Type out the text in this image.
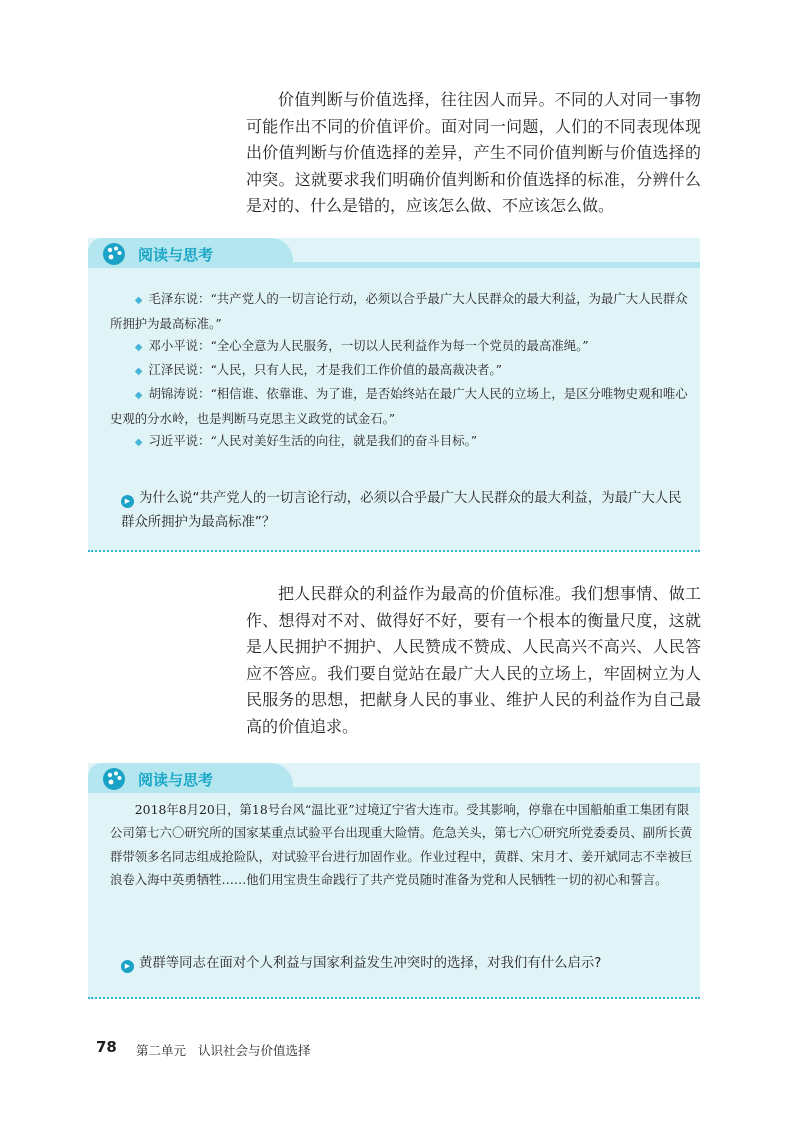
价值判断与价值选择，往往因人而异。不同的人对同一事物可能作出不同的价值评价。面对同一问题，人们的不同表现体现出价值判断与价值选择的差异，产生不同价值判断与价值选择的冲突。这就要求我们明确价值判断和价值选择的标准，分辨什么是对的、什么是错的，应该怎么做、不应该怎么做。

阅读与思考

◆ 毛泽东说：“共产党人的一切言论行动，必须以合乎最广大人民群众的最大利益，为最广大人民群众所拥护为最高标准。”

◆ 邓小平说：“全心全意为人民服务，一切以人民利益作为每一个党员的最高准绳。”

◆ 江泽民说：“人民，只有人民，才是我们工作价值的最高裁决者。”

◆ 胡锦涛说：“相信谁、依靠谁、为了谁，是否始终站在最广大人民的立场上，是区分唯物史观和唯心史观的分水岭，也是判断马克思主义政党的试金石。”

◆ 习近平说：“人民对美好生活的向往，就是我们的奋斗目标。”

▶ 为什么说“共产党人的一切言论行动，必须以合乎最广大人民群众的最大利益，为最广大人民群众所拥护为最高标准”？

把人民群众的利益作为最高的价值标准。我们想事情、做工作、想得对不对、做得好不好，要有一个根本的衡量尺度，这就是人民拥护不拥护、人民赞成不赞成、人民高兴不高兴、人民答应不答应。我们要自觉站在最广大人民的立场上，牢固树立为人民服务的思想，把献身人民的事业、维护人民的利益作为自己最高的价值追求。

阅读与思考

2018年8月20日，第18号台风“温比亚”过境辽宁省大连市。受其影响，停靠在中国船舶重工集团有限公司第七六〇研究所的国家某重点试验平台出现重大险情。危急关头，第七六〇研究所党委委员、副所长黄群带领多名同志组成抢险队，对试验平台进行加固作业。作业过程中，黄群、宋月才、姜开斌同志不幸被巨浪卷入海中英勇牺牲……他们用宝贵生命践行了共产党员随时准备为党和人民牺牲一切的初心和誓言。

▶ 黄群等同志在面对个人利益与国家利益发生冲突时的选择，对我们有什么启示?

78 第二单元 认识社会与价值选择
